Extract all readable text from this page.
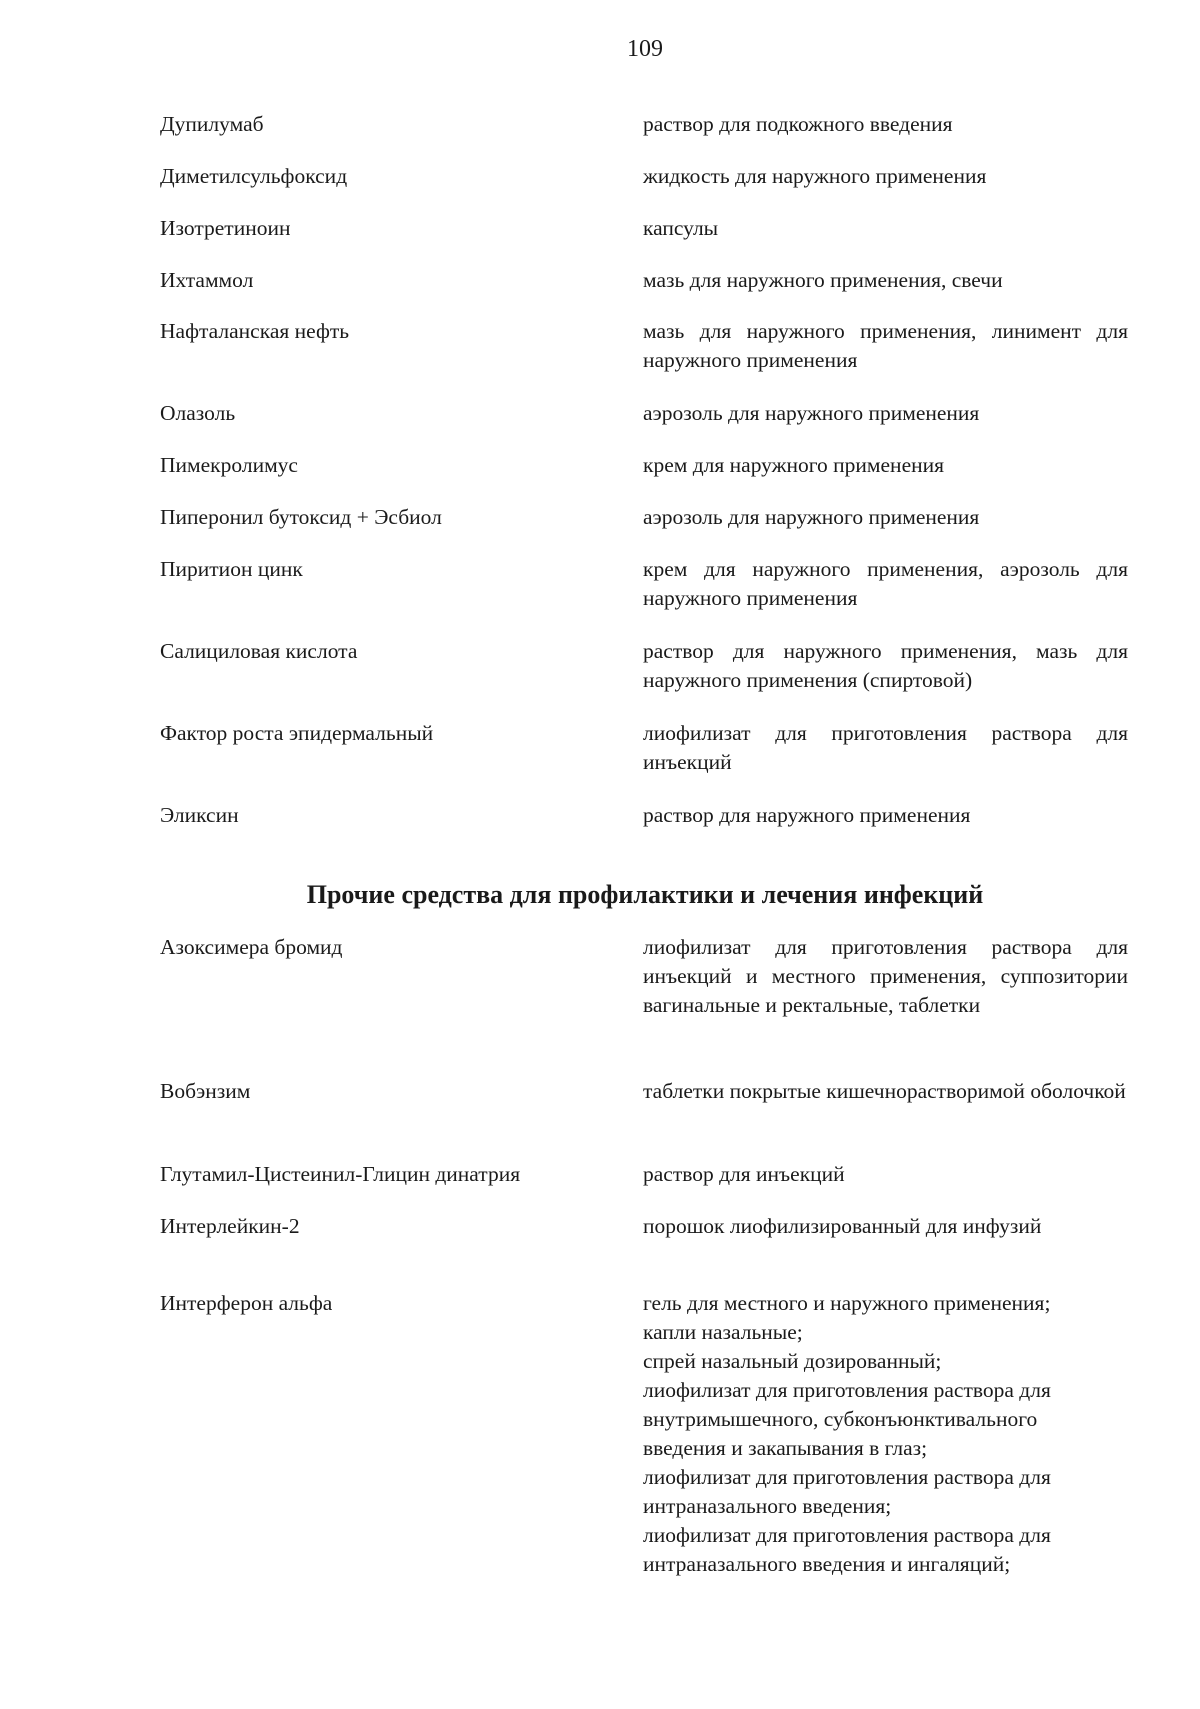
109
Дупилумаб	раствор для подкожного введения
Диметилсульфоксид	жидкость для наружного применения
Изотретиноин	капсулы
Ихтаммол	мазь для наружного применения, свечи
Нафталанская нефть	мазь для наружного применения, линимент для наружного применения
Олазоль	аэрозоль для наружного применения
Пимекролимус	крем для наружного применения
Пиперонил бутоксид + Эсбиол	аэрозоль для наружного применения
Пиритион цинк	крем для наружного применения, аэрозоль для наружного применения
Салициловая кислота	раствор для наружного применения, мазь для наружного применения (спиртовой)
Фактор роста эпидермальный	лиофилизат для приготовления раствора для инъекций
Эликсин	раствор для наружного применения
Прочие средства для профилактики и лечения инфекций
Азоксимера бромид	лиофилизат для приготовления раствора для инъекций и местного применения, суппозитории вагинальные и ректальные, таблетки
Вобэнзим	таблетки покрытые кишечнорастворимой оболочкой
Глутамил-Цистеинил-Глицин динатрия	раствор для инъекций
Интерлейкин-2	порошок лиофилизированный для инфузий
Интерферон альфа	гель для местного и наружного применения;
капли назальные;
спрей назальный дозированный;
лиофилизат для приготовления раствора для
внутримышечного, субконъюнктивального
введения и закапывания в глаз;
лиофилизат для приготовления раствора для
интраназального введения;
лиофилизат для приготовления раствора для
интраназального введения и ингаляций;
